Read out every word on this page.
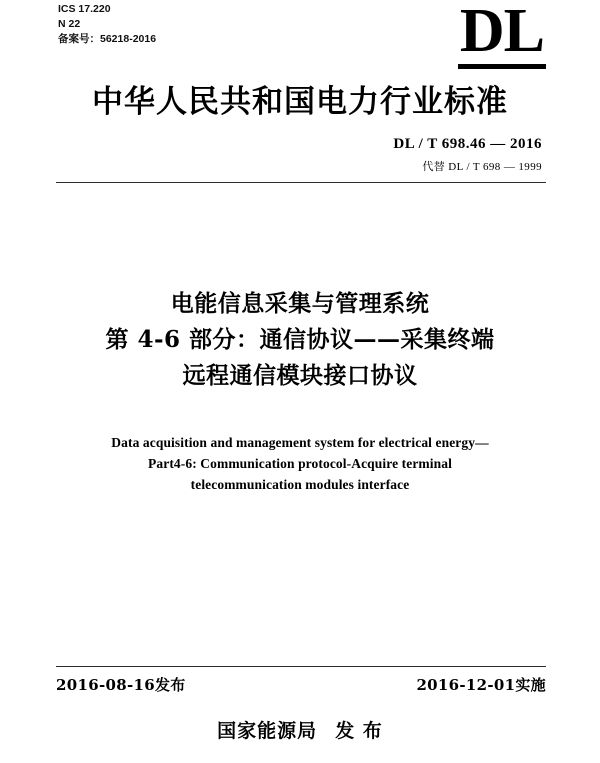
ICS 17.220
N 22
备案号：56218-2016	DL
中华人民共和国电力行业标准
DL / T 698.46 — 2016
代替 DL / T 698 — 1999
电能信息采集与管理系统
第 4-6 部分：通信协议——采集终端
远程通信模块接口协议
Data acquisition and management system for electrical energy—
Part4-6: Communication protocol-Acquire terminal
telecommunication modules interface
2016-08-16发布	2016-12-01实施
国家能源局 发 布
